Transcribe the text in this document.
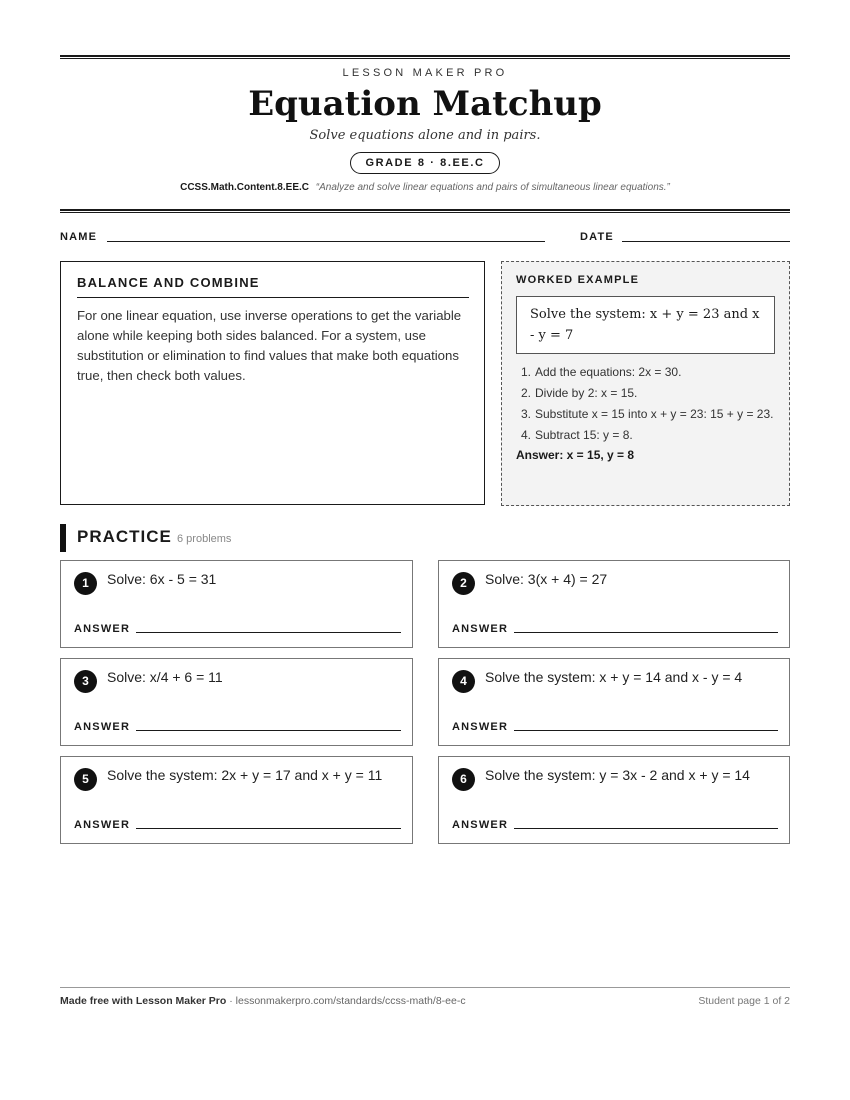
LESSON MAKER PRO
Equation Matchup
Solve equations alone and in pairs.
GRADE 8 · 8.EE.C
CCSS.Math.Content.8.EE.C “Analyze and solve linear equations and pairs of simultaneous linear equations.”
NAME	DATE
BALANCE AND COMBINE
For one linear equation, use inverse operations to get the variable alone while keeping both sides balanced. For a system, use substitution or elimination to find values that make both equations true, then check both values.
WORKED EXAMPLE
Solve the system: x + y = 23 and x - y = 7
1. Add the equations: 2x = 30.
2. Divide by 2: x = 15.
3. Substitute x = 15 into x + y = 23: 15 + y = 23.
4. Subtract 15: y = 8.
Answer: x = 15, y = 8
PRACTICE 6 problems
1	Solve: 6x - 5 = 31
ANSWER
2	Solve: 3(x + 4) = 27
ANSWER
3	Solve: x/4 + 6 = 11
ANSWER
4	Solve the system: x + y = 14 and x - y = 4
ANSWER
5	Solve the system: 2x + y = 17 and x + y = 11
ANSWER
6	Solve the system: y = 3x - 2 and x + y = 14
ANSWER
Made free with Lesson Maker Pro · lessonmakerpro.com/standards/ccss-math/8-ee-c	Student page 1 of 2
